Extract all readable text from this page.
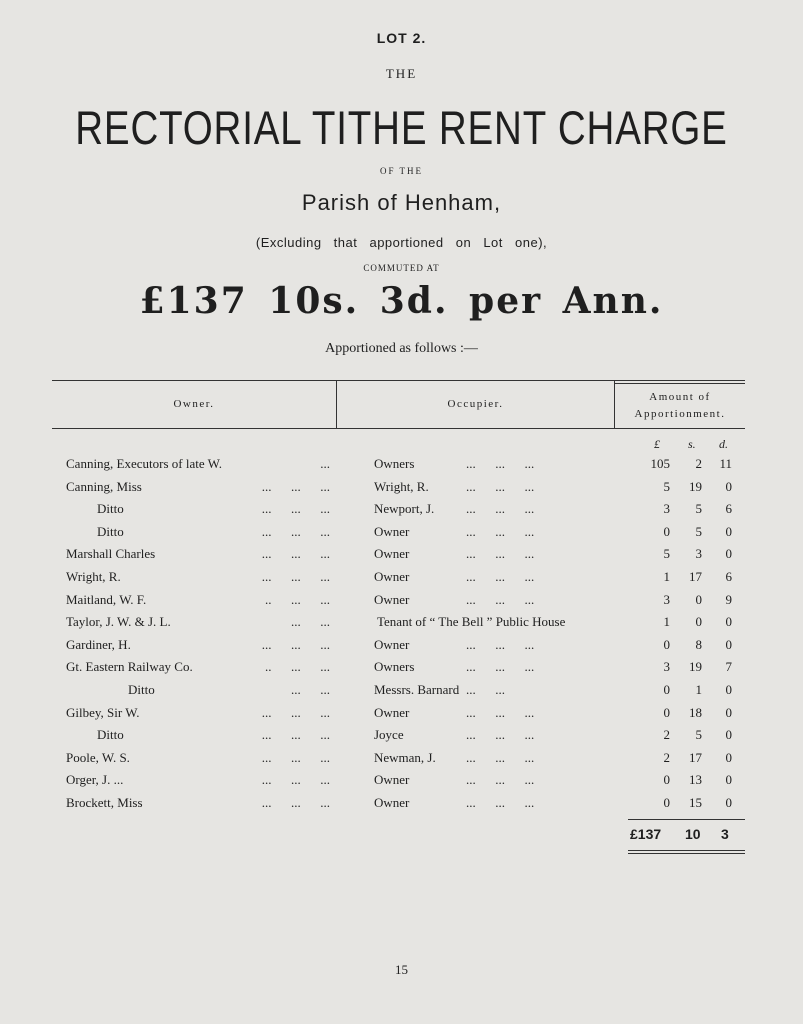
LOT 2.
THE
RECTORIAL TITHE RENT CHARGE
OF THE
Parish of Henham,
(Excluding that apportioned on Lot one),
COMMUTED AT
£137 10s. 3d. per Ann.
Apportioned as follows :—
Owner.	Occupier.
Amount of
Apportionment.
£ s. d.
Canning, Executors of late W.	...	Owners	...      ...      ...	105	2	11
Canning, Miss	...      ...      ...	Wright, R.	...      ...      ...	5	19	0
Ditto	...      ...      ...	Newport, J. ...      ...      ...	3	5	6
Ditto	...      ...      ...	Owner	...      ...      ...	0	5	0
Marshall Charles	...      ...      ...	Owner	...      ...      ...	5	3	0
Wright, R.	...      ...      ...	Owner	...      ...      ...	1	17	6
Maitland, W. F.	..      ...      ...	Owner	...      ...      ...	3	0	9
Taylor, J. W. & J. L.	...      ...	Tenant of “ The Bell ” Public House	1	0	0
Gardiner, H.	...      ...      ...	Owner	...      ...      ...	0	8	0
Gt. Eastern Railway Co.	..      ...      ...	Owners	...      ...      ...	3	19	7
Ditto	...      ...	Messrs. Barnard ...      ...	0	1	0
Gilbey, Sir W.	...      ...      ...	Owner	...      ...      ...	0	18	0
Ditto	...      ...      ...	Joyce	...      ...      ...	2	5	0
Poole, W. S.	...      ...      ...	Newman, J. ...      ...      ...	2	17	0
Orger, J. ...	...      ...      ...	Owner	...      ...      ...	0	13	0
Brockett, Miss	...      ...      ...	Owner	...      ...      ...	0	15	0
£137 10 3
15
